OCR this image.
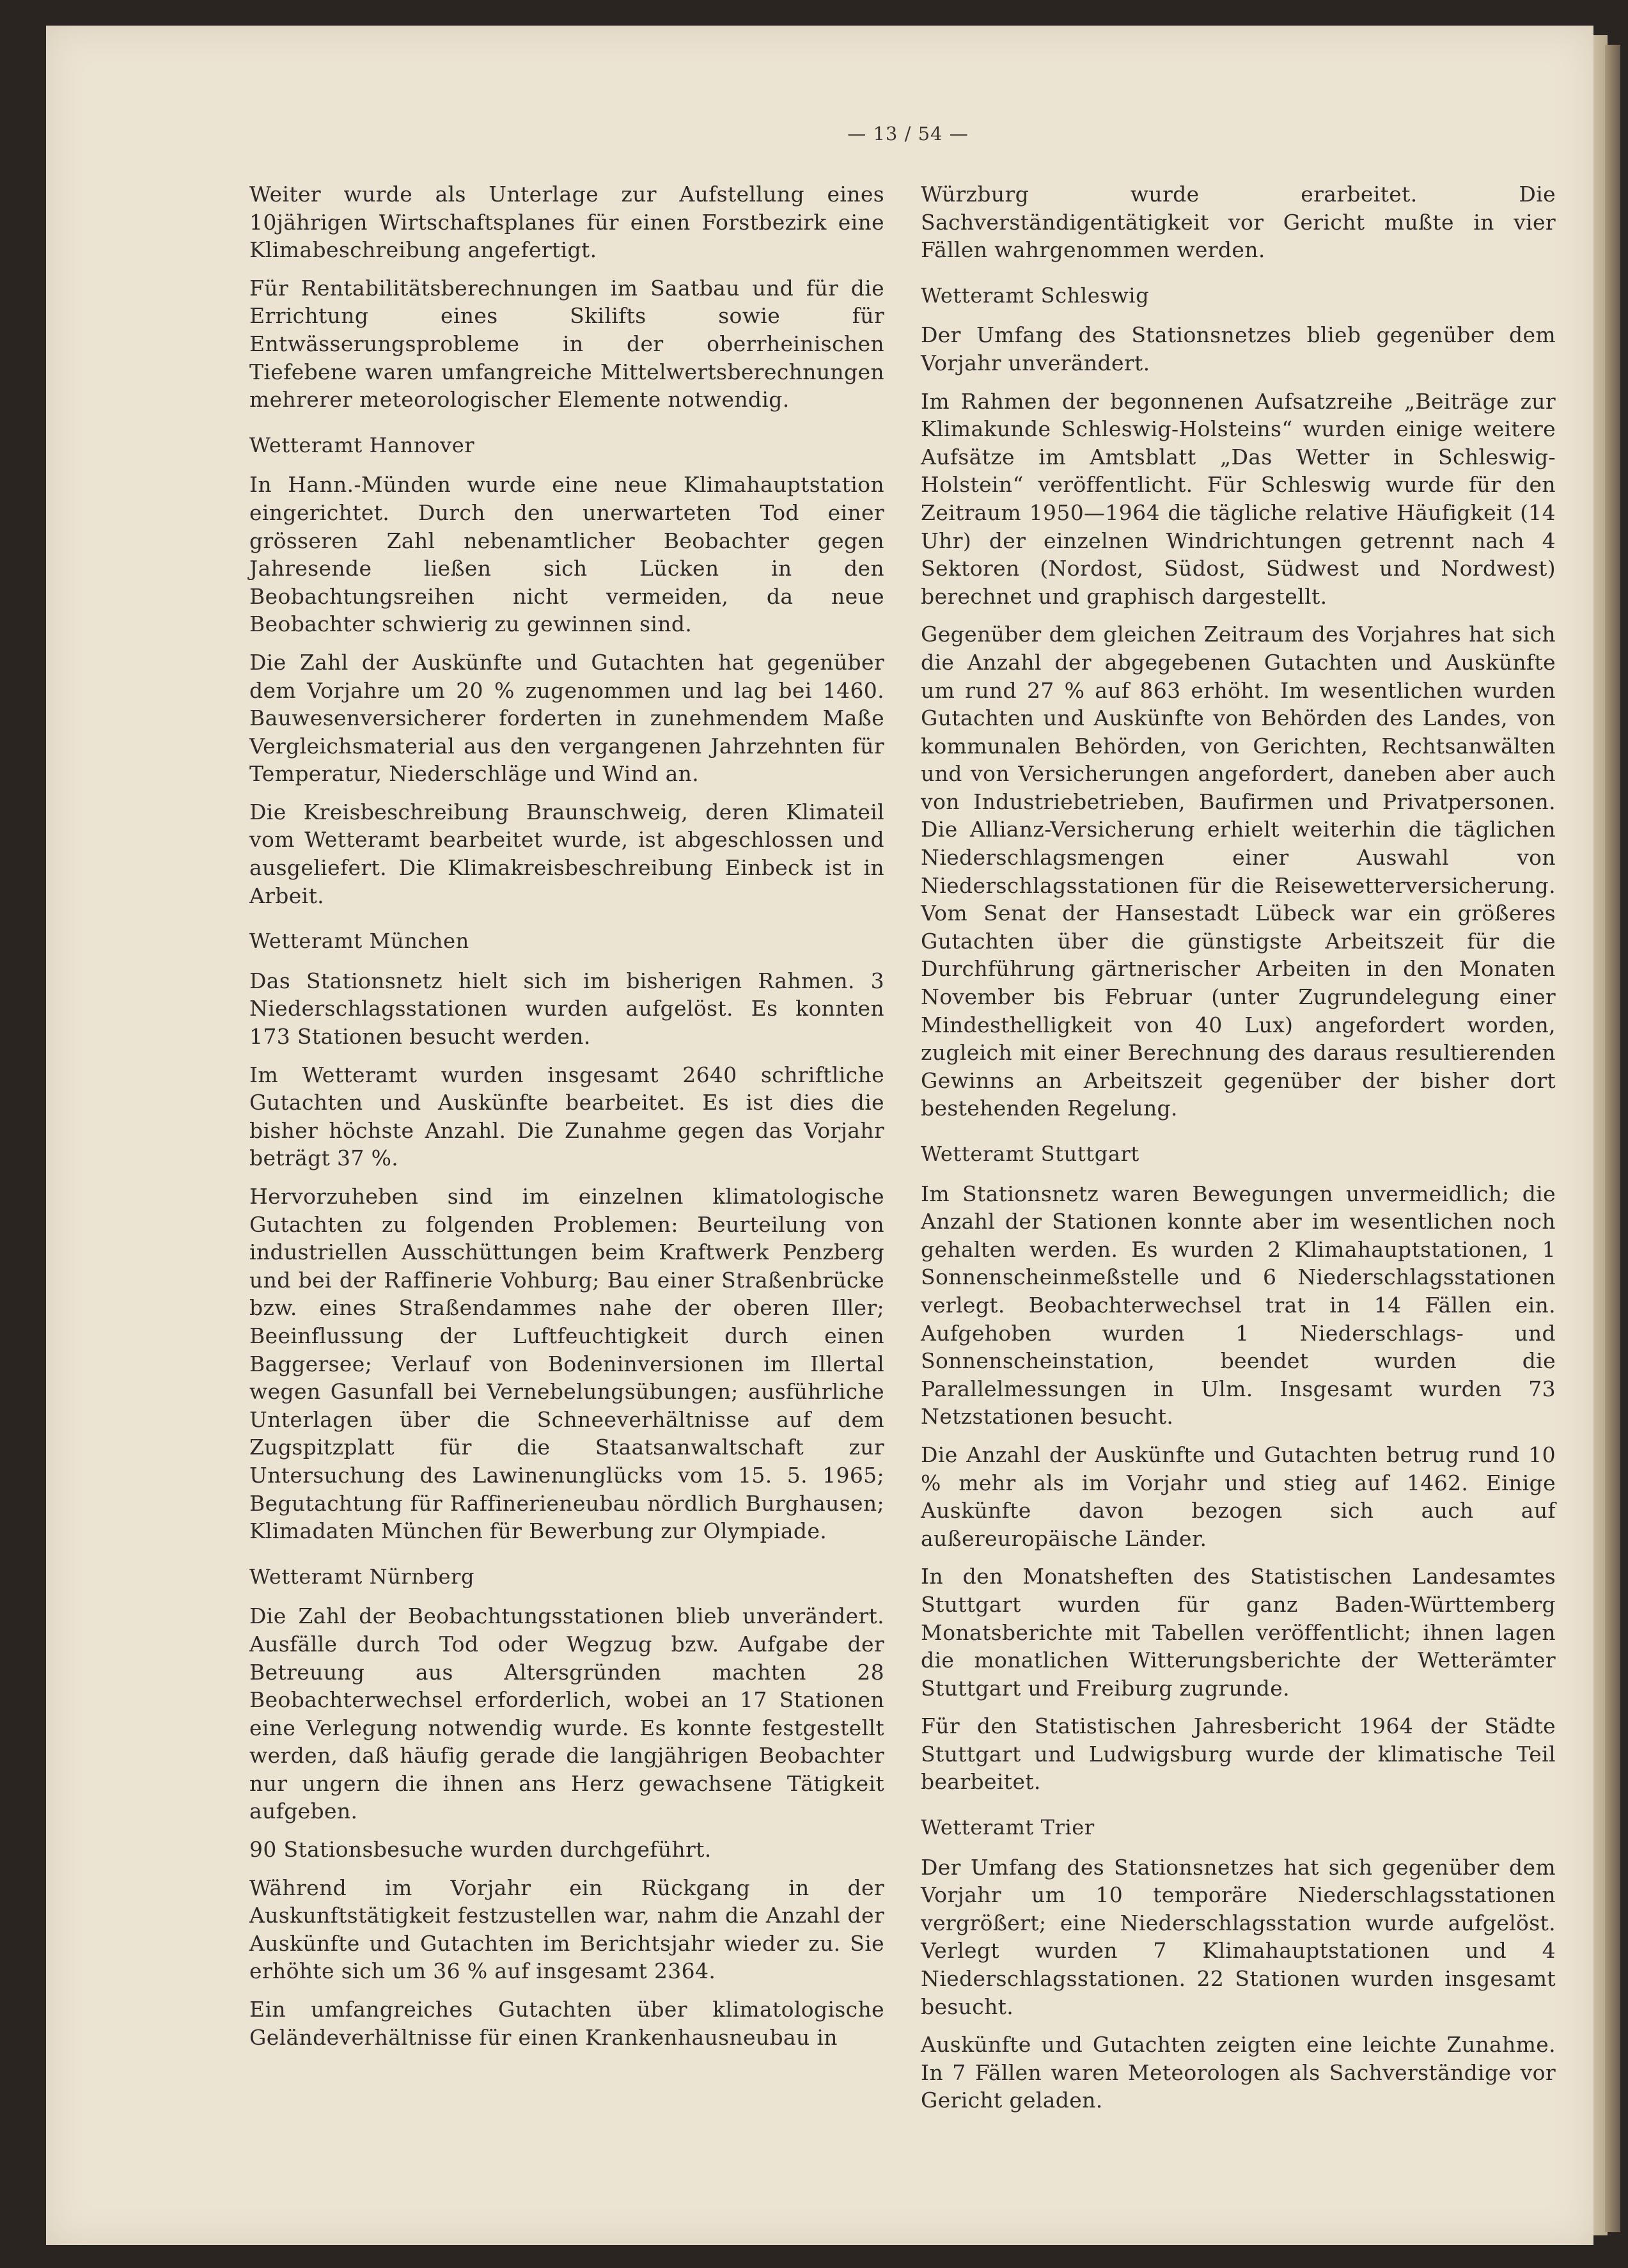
— 13 / 54 —

Weiter wurde als Unterlage zur Aufstellung eines 10jährigen Wirtschaftsplanes für einen Forstbezirk eine Klimabeschreibung angefertigt.

Für Rentabilitätsberechnungen im Saatbau und für die Errichtung eines Skilifts sowie für Entwässerungsprobleme in der oberrheinischen Tiefebene waren umfangreiche Mittelwertsberechnungen mehrerer meteorologischer Elemente notwendig.

Wetteramt Hannover

In Hann.-Münden wurde eine neue Klimahauptstation eingerichtet. Durch den unerwarteten Tod einer grösseren Zahl nebenamtlicher Beobachter gegen Jahresende ließen sich Lücken in den Beobachtungsreihen nicht vermeiden, da neue Beobachter schwierig zu gewinnen sind.

Die Zahl der Auskünfte und Gutachten hat gegenüber dem Vorjahre um 20 % zugenommen und lag bei 1460. Bauwesenversicherer forderten in zunehmendem Maße Vergleichsmaterial aus den vergangenen Jahrzehnten für Temperatur, Niederschläge und Wind an.

Die Kreisbeschreibung Braunschweig, deren Klimateil vom Wetteramt bearbeitet wurde, ist abgeschlossen und ausgeliefert. Die Klimakreisbeschreibung Einbeck ist in Arbeit.

Wetteramt München

Das Stationsnetz hielt sich im bisherigen Rahmen. 3 Niederschlagsstationen wurden aufgelöst. Es konnten 173 Stationen besucht werden.

Im Wetteramt wurden insgesamt 2640 schriftliche Gutachten und Auskünfte bearbeitet. Es ist dies die bisher höchste Anzahl. Die Zunahme gegen das Vorjahr beträgt 37 %.

Hervorzuheben sind im einzelnen klimatologische Gutachten zu folgenden Problemen: Beurteilung von industriellen Ausschüttungen beim Kraftwerk Penzberg und bei der Raffinerie Vohburg; Bau einer Straßenbrücke bzw. eines Straßendammes nahe der oberen Iller; Beeinflussung der Luftfeuchtigkeit durch einen Baggersee; Verlauf von Bodeninversionen im Illertal wegen Gasunfall bei Vernebelungsübungen; ausführliche Unterlagen über die Schneeverhältnisse auf dem Zugspitzplatt für die Staatsanwaltschaft zur Untersuchung des Lawinenunglücks vom 15. 5. 1965; Begutachtung für Raffinerieneubau nördlich Burghausen; Klimadaten München für Bewerbung zur Olympiade.

Wetteramt Nürnberg

Die Zahl der Beobachtungsstationen blieb unverändert. Ausfälle durch Tod oder Wegzug bzw. Aufgabe der Betreuung aus Altersgründen machten 28 Beobachterwechsel erforderlich, wobei an 17 Stationen eine Verlegung notwendig wurde. Es konnte festgestellt werden, daß häufig gerade die langjährigen Beobachter nur ungern die ihnen ans Herz gewachsene Tätigkeit aufgeben.

90 Stationsbesuche wurden durchgeführt.

Während im Vorjahr ein Rückgang in der Auskunftstätigkeit festzustellen war, nahm die Anzahl der Auskünfte und Gutachten im Berichtsjahr wieder zu. Sie erhöhte sich um 36 % auf insgesamt 2364.

Ein umfangreiches Gutachten über klimatologische Geländeverhältnisse für einen Krankenhausneubau in

Würzburg wurde erarbeitet. Die Sachverständigentätigkeit vor Gericht mußte in vier Fällen wahrgenommen werden.

Wetteramt Schleswig

Der Umfang des Stationsnetzes blieb gegenüber dem Vorjahr unverändert.

Im Rahmen der begonnenen Aufsatzreihe „Beiträge zur Klimakunde Schleswig-Holsteins“ wurden einige weitere Aufsätze im Amtsblatt „Das Wetter in Schleswig-Holstein“ veröffentlicht. Für Schleswig wurde für den Zeitraum 1950—1964 die tägliche relative Häufigkeit (14 Uhr) der einzelnen Windrichtungen getrennt nach 4 Sektoren (Nordost, Südost, Südwest und Nordwest) berechnet und graphisch dargestellt.

Gegenüber dem gleichen Zeitraum des Vorjahres hat sich die Anzahl der abgegebenen Gutachten und Auskünfte um rund 27 % auf 863 erhöht. Im wesentlichen wurden Gutachten und Auskünfte von Behörden des Landes, von kommunalen Behörden, von Gerichten, Rechtsanwälten und von Versicherungen angefordert, daneben aber auch von Industriebetrieben, Baufirmen und Privatpersonen. Die Allianz-Versicherung erhielt weiterhin die täglichen Niederschlagsmengen einer Auswahl von Niederschlagsstationen für die Reisewetterversicherung. Vom Senat der Hansestadt Lübeck war ein größeres Gutachten über die günstigste Arbeitszeit für die Durchführung gärtnerischer Arbeiten in den Monaten November bis Februar (unter Zugrundelegung einer Mindesthelligkeit von 40 Lux) angefordert worden, zugleich mit einer Berechnung des daraus resultierenden Gewinns an Arbeitszeit gegenüber der bisher dort bestehenden Regelung.

Wetteramt Stuttgart

Im Stationsnetz waren Bewegungen unvermeidlich; die Anzahl der Stationen konnte aber im wesentlichen noch gehalten werden. Es wurden 2 Klimahauptstationen, 1 Sonnenscheinmeßstelle und 6 Niederschlagsstationen verlegt. Beobachterwechsel trat in 14 Fällen ein. Aufgehoben wurden 1 Niederschlags- und Sonnenscheinstation, beendet wurden die Parallelmessungen in Ulm. Insgesamt wurden 73 Netzstationen besucht.

Die Anzahl der Auskünfte und Gutachten betrug rund 10 % mehr als im Vorjahr und stieg auf 1462. Einige Auskünfte davon bezogen sich auch auf außereuropäische Länder.

In den Monatsheften des Statistischen Landesamtes Stuttgart wurden für ganz Baden-Württemberg Monatsberichte mit Tabellen veröffentlicht; ihnen lagen die monatlichen Witterungsberichte der Wetterämter Stuttgart und Freiburg zugrunde.

Für den Statistischen Jahresbericht 1964 der Städte Stuttgart und Ludwigsburg wurde der klimatische Teil bearbeitet.

Wetteramt Trier

Der Umfang des Stationsnetzes hat sich gegenüber dem Vorjahr um 10 temporäre Niederschlagsstationen vergrößert; eine Niederschlagsstation wurde aufgelöst. Verlegt wurden 7 Klimahauptstationen und 4 Niederschlagsstationen. 22 Stationen wurden insgesamt besucht.

Auskünfte und Gutachten zeigten eine leichte Zunahme. In 7 Fällen waren Meteorologen als Sachverständige vor Gericht geladen.
